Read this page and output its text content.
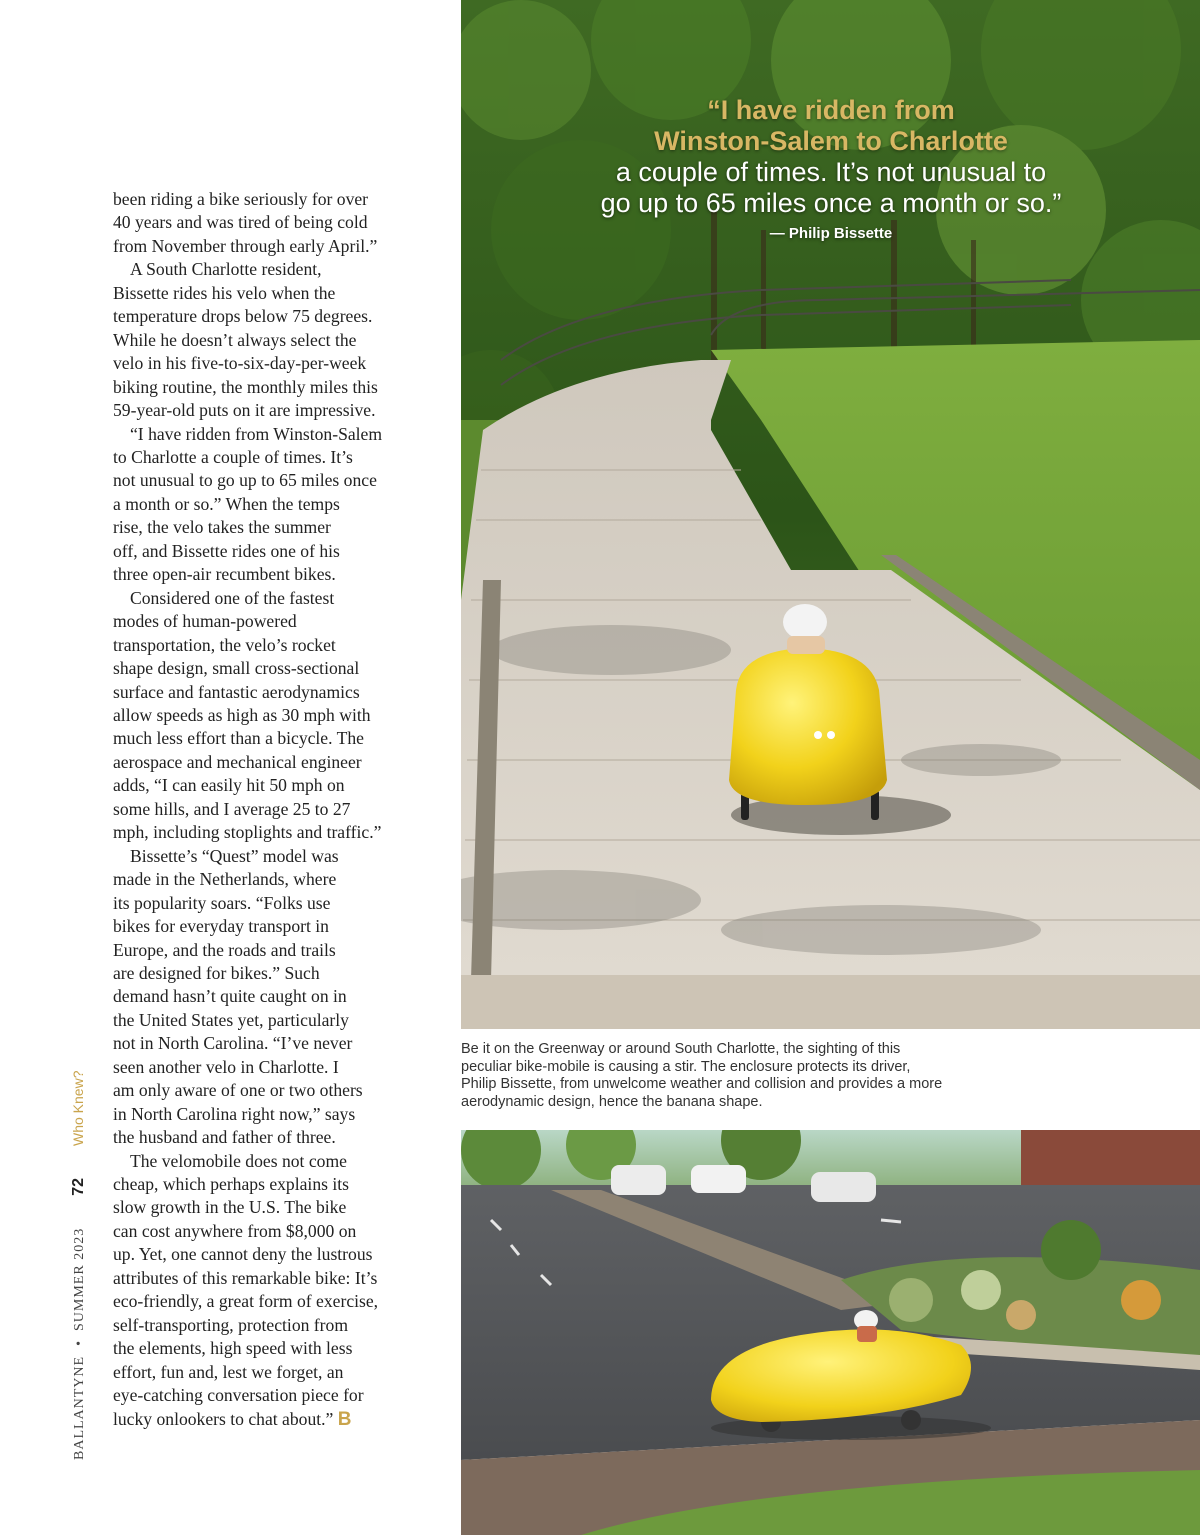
been riding a bike seriously for over
40 years and was tired of being cold
from November through early April.”

A South Charlotte resident,
Bissette rides his velo when the
temperature drops below 75 degrees.
While he doesn’t always select the
velo in his five-to-six-day-per-week
biking routine, the monthly miles this
59-year-old puts on it are impressive.

“I have ridden from Winston-Salem
to Charlotte a couple of times. It’s
not unusual to go up to 65 miles once
a month or so.” When the temps
rise, the velo takes the summer
off, and Bissette rides one of his
three open-air recumbent bikes.

Considered one of the fastest
modes of human-powered
transportation, the velo’s rocket
shape design, small cross-sectional
surface and fantastic aerodynamics
allow speeds as high as 30 mph with
much less effort than a bicycle. The
aerospace and mechanical engineer
adds, “I can easily hit 50 mph on
some hills, and I average 25 to 27
mph, including stoplights and traffic.”

Bissette’s “Quest” model was
made in the Netherlands, where
its popularity soars. “Folks use
bikes for everyday transport in
Europe, and the roads and trails
are designed for bikes.” Such
demand hasn’t quite caught on in
the United States yet, particularly
not in North Carolina. “I’ve never
seen another velo in Charlotte. I
am only aware of one or two others
in North Carolina right now,” says
the husband and father of three.

The velomobile does not come
cheap, which perhaps explains its
slow growth in the U.S. The bike
can cost anywhere from $8,000 on
up. Yet, one cannot deny the lustrous
attributes of this remarkable bike: It’s
eco-friendly, a great form of exercise,
self-transporting, protection from
the elements, high speed with less
effort, fun and, lest we forget, an
eye-catching conversation piece for
lucky onlookers to chat about.” B

BALLANTYNE
•
SUMMER 2023
72
Who Knew?
“I have ridden from
Winston-Salem to Charlotte
a couple of times. It’s not unusual to
go up to 65 miles once a month or so.”
— Philip Bissette
Be it on the Greenway or around South Charlotte, the sighting of this
peculiar bike-mobile is causing a stir. The enclosure protects its driver,
Philip Bissette, from unwelcome weather and collision and provides a more
aerodynamic design, hence the banana shape.
